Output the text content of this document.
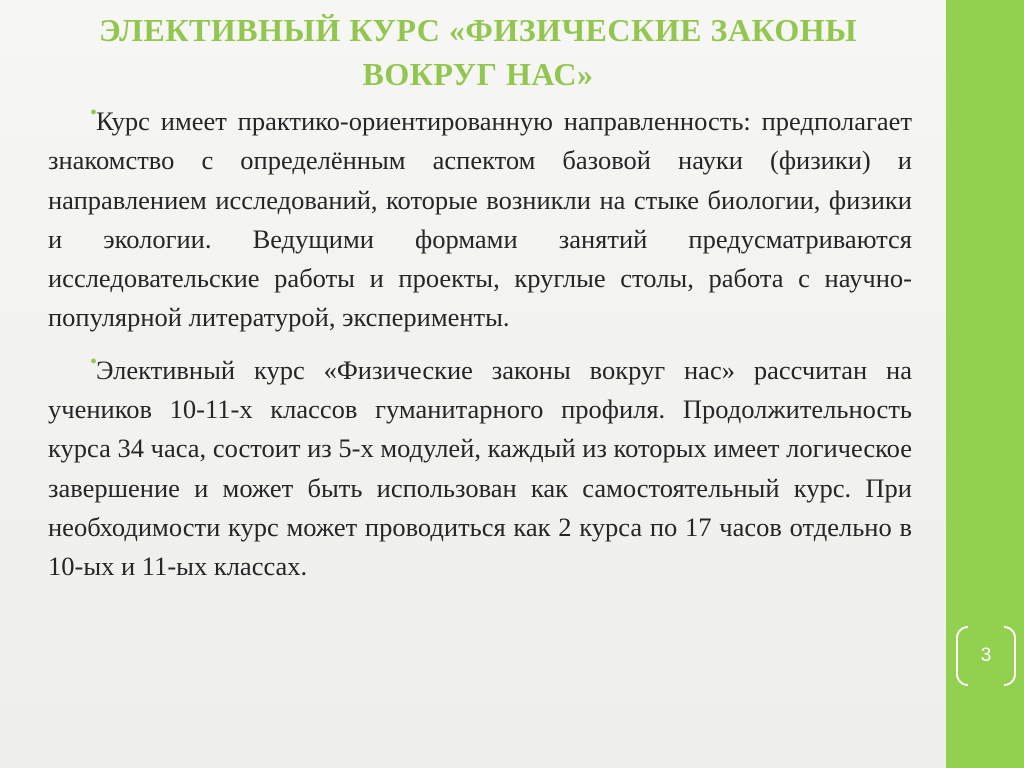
ЭЛЕКТИВНЫЙ КУРС «ФИЗИЧЕСКИЕ ЗАКОНЫ ВОКРУГ НАС»

•
Курс имеет практико-ориентированную направленность: предполагает знакомство с определённым аспектом базовой науки (физики) и направлением исследований, которые возникли на стыке биологии, физики и экологии. Ведущими формами занятий предусматриваются исследовательские работы и проекты, круглые столы, работа с научно-популярной литературой, эксперименты.

•
Элективный курс «Физические законы вокруг нас» рассчитан на учеников 10-11-х классов гуманитарного профиля. Продолжительность курса 34 часа, состоит из 5-х модулей, каждый из которых имеет логическое завершение и может быть использован как самостоятельный курс. При необходимости курс может проводиться как 2 курса по 17 часов отдельно в 10-ых и 11-ых классах.

3
